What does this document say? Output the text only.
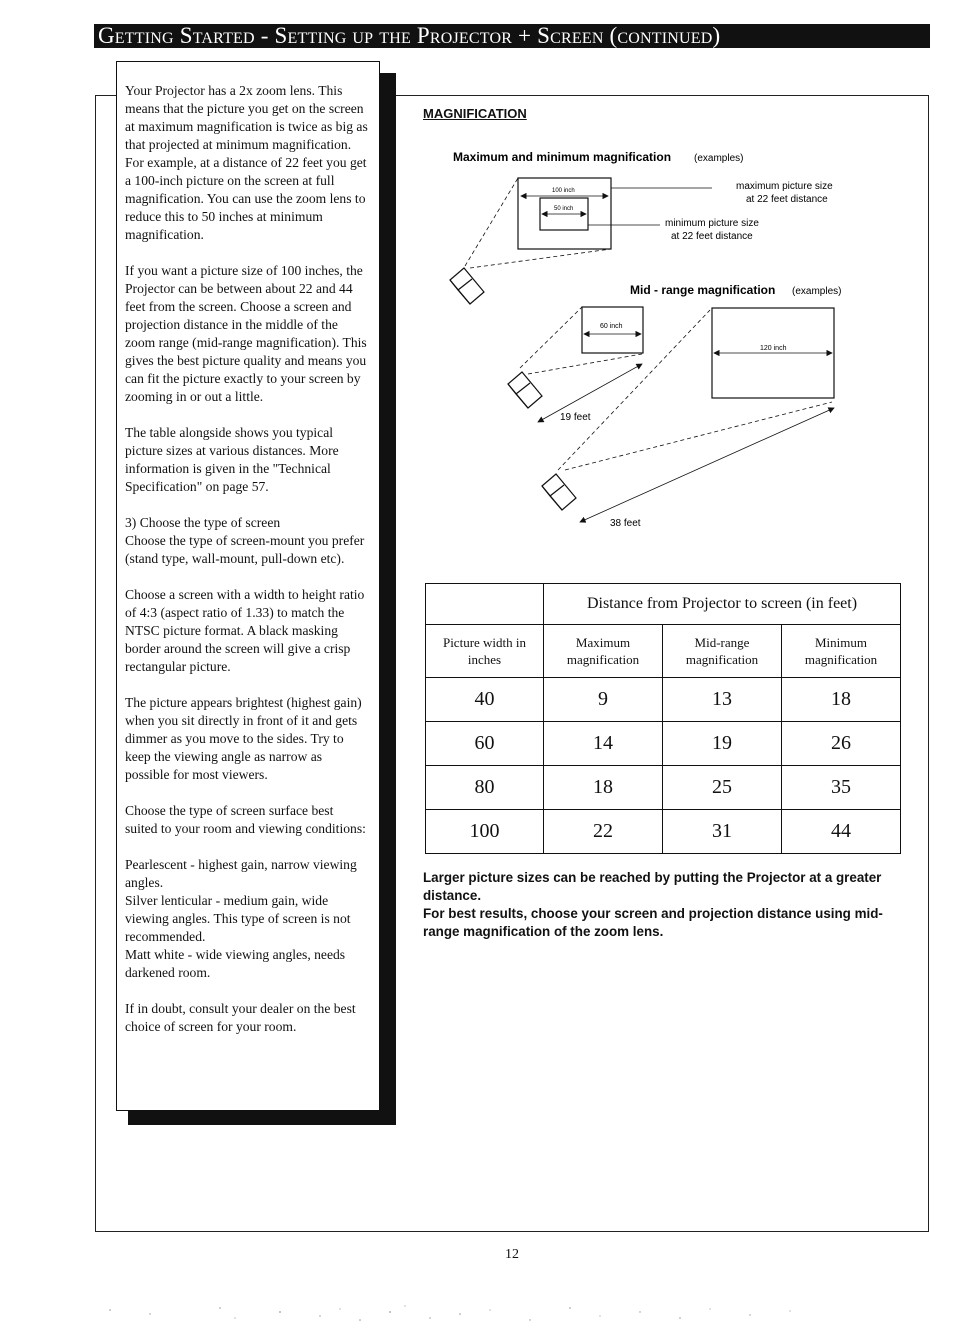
Getting Started - Setting up the Projector + Screen (continued)

Your Projector has a 2x zoom lens. This means that the picture you get on the screen at maximum magnification is twice as big as that projected at minimum magnification. For example, at a distance of 22 feet you get a 100-inch picture on the screen at full magnification. You can use the zoom lens to reduce this to 50 inches at minimum magnification.

If you want a picture size of 100 inches, the Projector can be between about 22 and 44 feet from the screen. Choose a screen and projection distance in the middle of the zoom range (mid-range magnification). This gives the best picture quality and means you can fit the picture exactly to your screen by zooming in or out a little.

The table alongside shows you typical picture sizes at various distances. More information is given in the "Technical Specification" on page 57.

3) Choose the type of screen

Choose the type of screen-mount you prefer (stand type, wall-mount, pull-down etc).

Choose a screen with a width to height ratio of 4:3 (aspect ratio of 1.33) to match the NTSC picture format. A black masking border around the screen will give a crisp rectangular picture.

The picture appears brightest (highest gain) when you sit directly in front of it and gets dimmer as you move to the sides. Try to keep the viewing angle as narrow as possible for most viewers.

Choose the type of screen surface best suited to your room and viewing conditions:

Pearlescent - highest gain, narrow viewing angles.

Silver lenticular - medium gain, wide viewing angles. This type of screen is not recommended.

Matt white - wide viewing angles, needs darkened room.

If in doubt, consult your dealer on the best choice of screen for your room.

MAGNIFICATION
Maximum and minimum magnification (examples)
100 inch
50 inch
maximum picture size
at 22 feet distance
minimum picture size
at 22 feet distance
Mid - range magnification (examples)
60 inch
120 inch
19 feet
38 feet
	Distance from Projector to screen (in feet)		
Picture width in
inches	Maximum
magnification	Mid-range
magnification	Minimum
magnification
40	9	13	18
60	14	19	26
80	18	25	35
100	22	31	44

Larger picture sizes can be reached by putting the Projector at a greater distance.

For best results, choose your screen and projection distance using mid-range magnification of the zoom lens.

12
